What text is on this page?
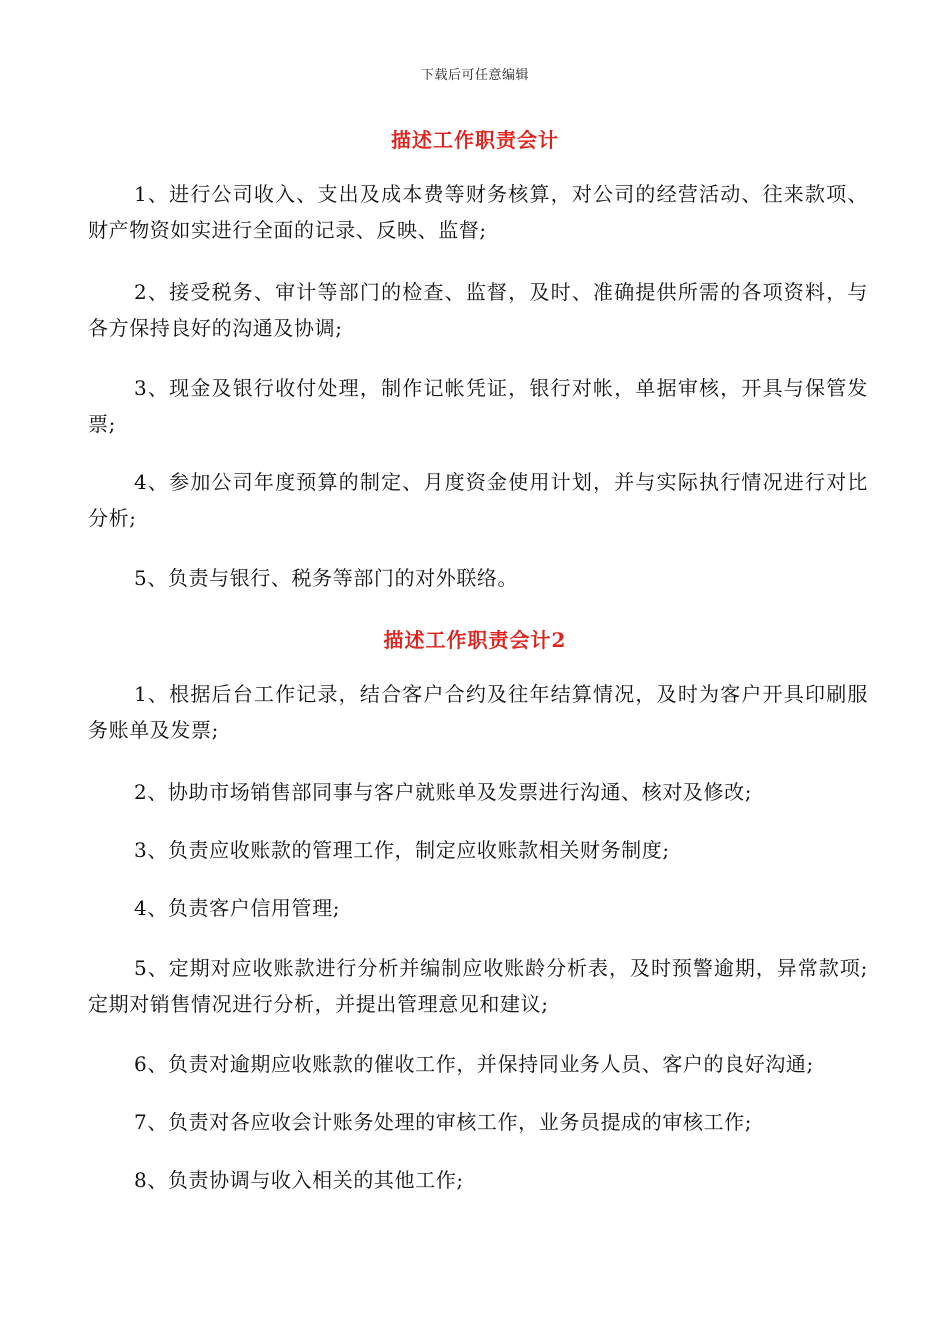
下载后可任意编辑
描述工作职责会计

1、进行公司收入、支出及成本费等财务核算，对公司的经营活动、往来款项、财产物资如实进行全面的记录、反映、监督;

2、接受税务、审计等部门的检查、监督，及时、准确提供所需的各项资料，与各方保持良好的沟通及协调;

3、现金及银行收付处理，制作记帐凭证，银行对帐，单据审核，开具与保管发票;

4、参加公司年度预算的制定、月度资金使用计划，并与实际执行情况进行对比分析;

5、负责与银行、税务等部门的对外联络。

描述工作职责会计2

1、根据后台工作记录，结合客户合约及往年结算情况，及时为客户开具印刷服务账单及发票;

2、协助市场销售部同事与客户就账单及发票进行沟通、核对及修改;

3、负责应收账款的管理工作，制定应收账款相关财务制度;

4、负责客户信用管理;

5、定期对应收账款进行分析并编制应收账龄分析表，及时预警逾期，异常款项;定期对销售情况进行分析，并提出管理意见和建议;

6、负责对逾期应收账款的催收工作，并保持同业务人员、客户的良好沟通;

7、负责对各应收会计账务处理的审核工作，业务员提成的审核工作;

8、负责协调与收入相关的其他工作;
